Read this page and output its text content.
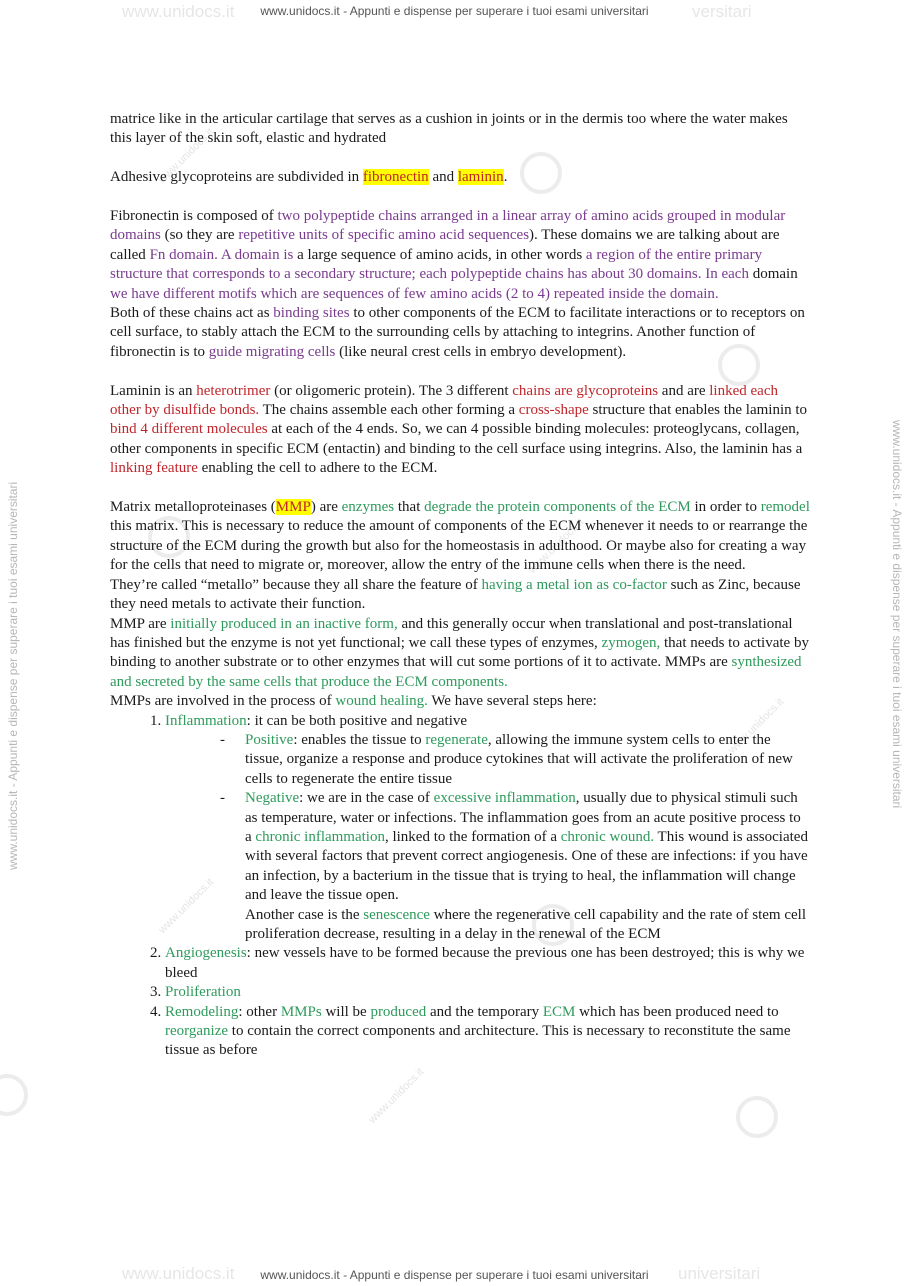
www.unidocs.it	versitari
www.unidocs.it - Appunti e dispense per superare i tuoi esami universitari
www.unidocs.it	universitari
www.unidocs.it - Appunti e dispense per superare i tuoi esami universitari
www.unidocs.it - Appunti e dispense per superare i tuoi esami universitari	www.unidocs.it - Appunti e dispense per superare i tuoi esami universitari
www.unidocs.it
www.unidocs.it
www.unidocs.it
www.unidocs.it
www.unidocs.it

matrice like in the articular cartilage that serves as a cushion in joints or in the dermis too where the water makes this layer of the skin soft, elastic and hydrated

Adhesive glycoproteins are subdivided in fibronectin and laminin.

Fibronectin is composed of two polypeptide chains arranged in a linear array of amino acids grouped in modular domains (so they are repetitive units of specific amino acid sequences). These domains we are talking about are called Fn domain. A domain is a large sequence of amino acids, in other words a region of the entire primary structure that corresponds to a secondary structure; each polypeptide chains has about 30 domains. In each domain we have different motifs which are sequences of few amino acids (2 to 4) repeated inside the domain.

Both of these chains act as binding sites to other components of the ECM to facilitate interactions or to receptors on cell surface, to stably attach the ECM to the surrounding cells by attaching to integrins. Another function of fibronectin is to guide migrating cells (like neural crest cells in embryo development).

Laminin is an heterotrimer (or oligomeric protein). The 3 different chains are glycoproteins and are linked each other by disulfide bonds. The chains assemble each other forming a cross-shape structure that enables the laminin to bind 4 different molecules at each of the 4 ends. So, we can 4 possible binding molecules: proteoglycans, collagen, other components in specific ECM (entactin) and binding to the cell surface using integrins. Also, the laminin has a linking feature enabling the cell to adhere to the ECM.

Matrix metalloproteinases (MMP) are enzymes that degrade the protein components of the ECM in order to remodel this matrix. This is necessary to reduce the amount of components of the ECM whenever it needs to or rearrange the structure of the ECM during the growth but also for the homeostasis in adulthood. Or maybe also for creating a way for the cells that need to migrate or, moreover, allow the entry of the immune cells when there is the need.

They’re called “metallo” because they all share the feature of having a metal ion as co-factor such as Zinc, because they need metals to activate their function.

MMP are initially produced in an inactive form, and this generally occur when translational and post-translational has finished but the enzyme is not yet functional; we call these types of enzymes, zymogen, that needs to activate by binding to another substrate or to other enzymes that will cut some portions of it to activate. MMPs are synthesized and secreted by the same cells that produce the ECM components.

MMPs are involved in the process of wound healing. We have several steps here:

1. Inflammation: it can be both positive and negative
- Positive: enables the tissue to regenerate, allowing the immune system cells to enter the tissue, organize a response and produce cytokines that will activate the proliferation of new cells to regenerate the entire tissue
- Negative: we are in the case of excessive inflammation, usually due to physical stimuli such as temperature, water or infections. The inflammation goes from an acute positive process to a chronic inflammation, linked to the formation of a chronic wound. This wound is associated with several factors that prevent correct angiogenesis. One of these are infections: if you have an infection, by a bacterium in the tissue that is trying to heal, the inflammation will change and leave the tissue open.

Another case is the senescence where the regenerative cell capability and the rate of stem cell proliferation decrease, resulting in a delay in the renewal of the ECM

2. Angiogenesis: new vessels have to be formed because the previous one has been destroyed; this is why we bleed
3. Proliferation
4. Remodeling: other MMPs will be produced and the temporary ECM which has been produced need to reorganize to contain the correct components and architecture. This is necessary to reconstitute the same tissue as before
